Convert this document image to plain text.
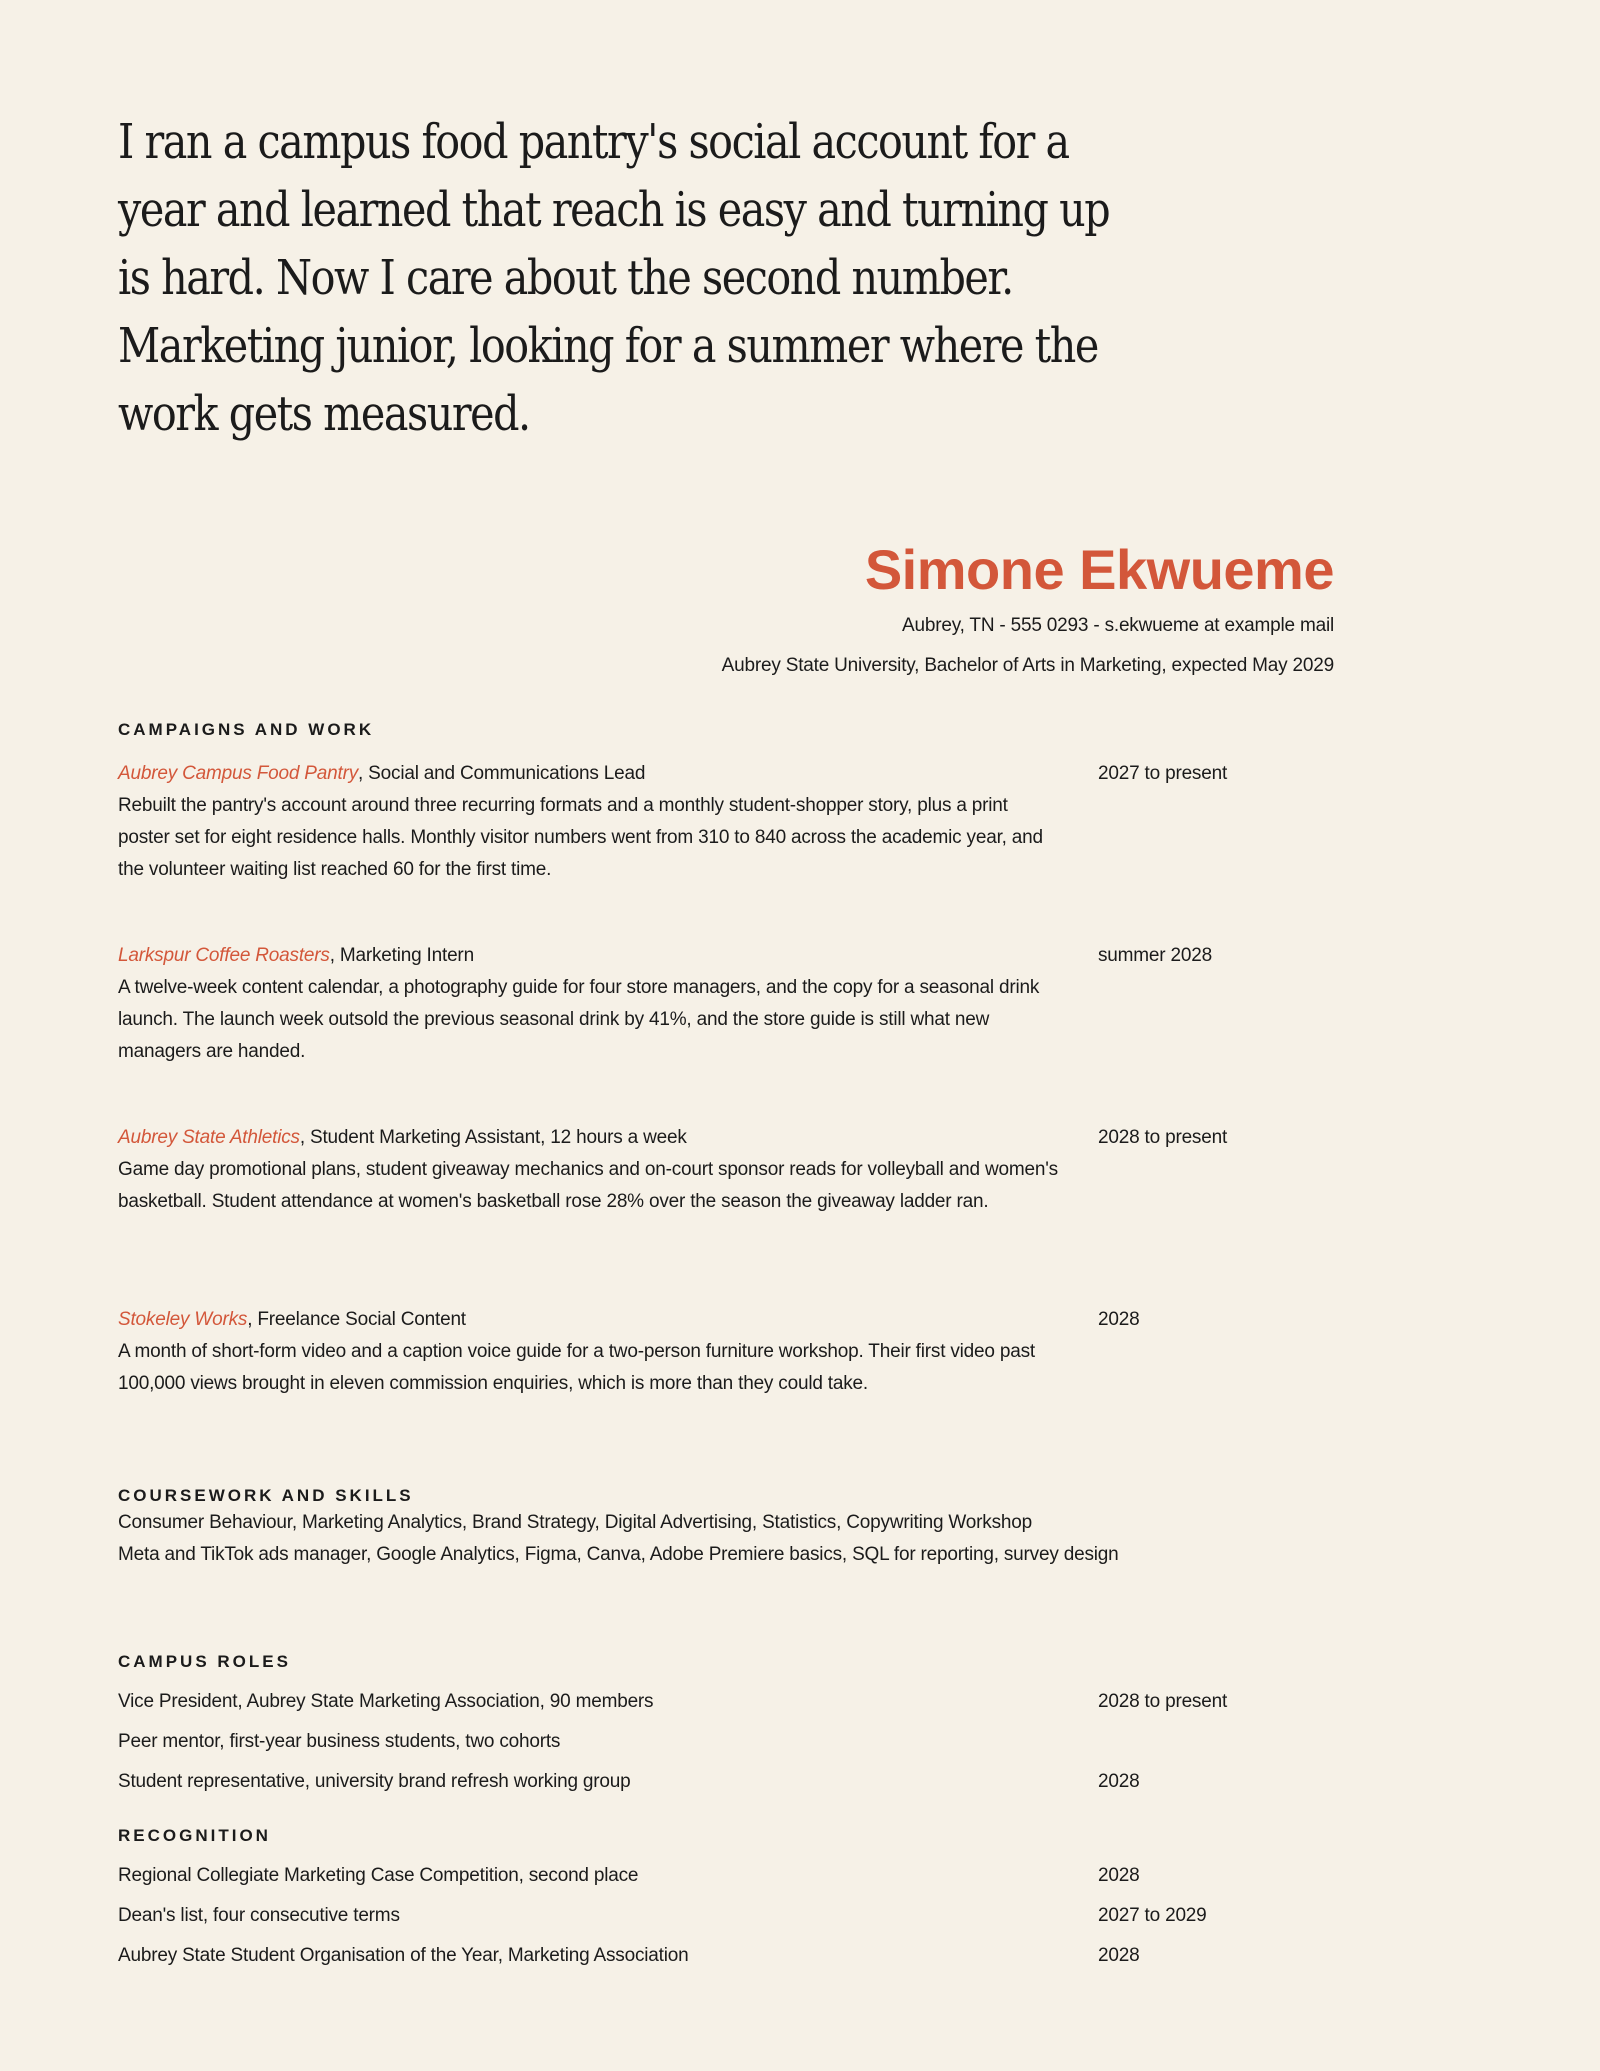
I ran a campus food pantry's social account for a year and learned that reach is easy and turning up is hard. Now I care about the second number. Marketing junior, looking for a summer where the work gets measured.

Simone Ekwueme
Aubrey, TN - 555 0293 - s.ekwueme at example mail
Aubrey State University, Bachelor of Arts in Marketing, expected May 2029
CAMPAIGNS AND WORK
Aubrey Campus Food Pantry, Social and Communications Lead	2027 to present
Rebuilt the pantry's account around three recurring formats and a monthly student-shopper story, plus a print poster set for eight residence halls. Monthly visitor numbers went from 310 to 840 across the academic year, and the volunteer waiting list reached 60 for the first time.
Larkspur Coffee Roasters, Marketing Intern	summer 2028
A twelve-week content calendar, a photography guide for four store managers, and the copy for a seasonal drink launch. The launch week outsold the previous seasonal drink by 41%, and the store guide is still what new managers are handed.
Aubrey State Athletics, Student Marketing Assistant, 12 hours a week	2028 to present
Game day promotional plans, student giveaway mechanics and on-court sponsor reads for volleyball and women's basketball. Student attendance at women's basketball rose 28% over the season the giveaway ladder ran.
Stokeley Works, Freelance Social Content	2028
A month of short-form video and a caption voice guide for a two-person furniture workshop. Their first video past 100,000 views brought in eleven commission enquiries, which is more than they could take.
COURSEWORK AND SKILLS
Consumer Behaviour, Marketing Analytics, Brand Strategy, Digital Advertising, Statistics, Copywriting Workshop
Meta and TikTok ads manager, Google Analytics, Figma, Canva, Adobe Premiere basics, SQL for reporting, survey design
CAMPUS ROLES
Vice President, Aubrey State Marketing Association, 90 members	2028 to present
Peer mentor, first-year business students, two cohorts
Student representative, university brand refresh working group	2028
RECOGNITION
Regional Collegiate Marketing Case Competition, second place	2028
Dean's list, four consecutive terms	2027 to 2029
Aubrey State Student Organisation of the Year, Marketing Association	2028
